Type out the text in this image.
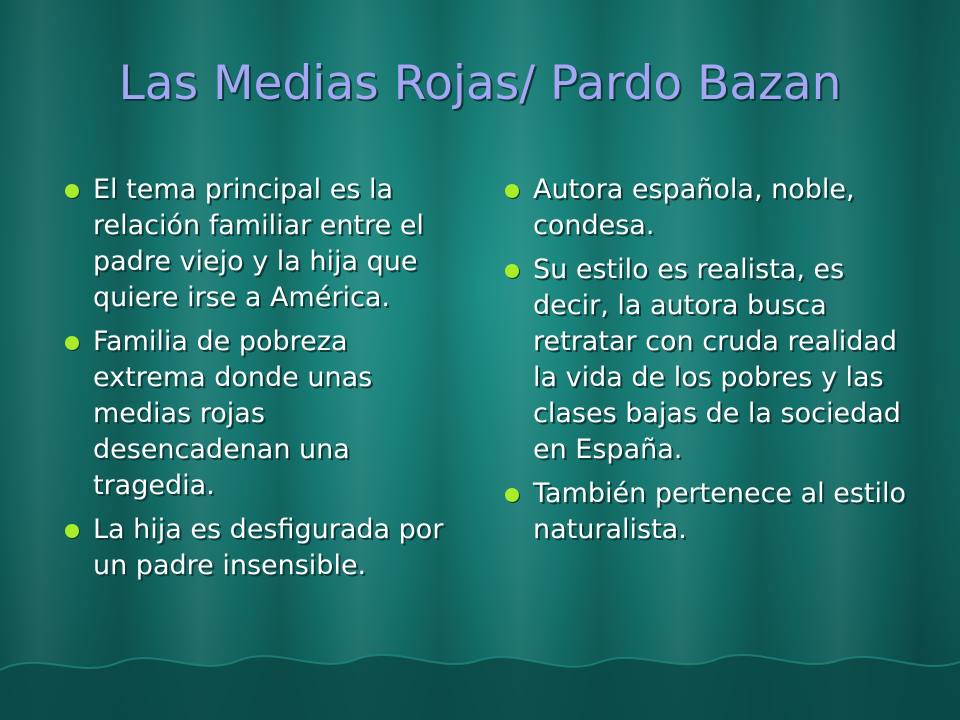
Las Medias Rojas/ Pardo Bazan
El tema principal es la relación familiar entre el padre viejo y la hija que quiere irse a América.
Familia de pobreza extrema donde unas medias rojas desencadenan una tragedia.
La hija es desfigurada por un padre insensible.
Autora española, noble, condesa.
Su estilo es realista, es decir, la autora busca retratar con cruda realidad la vida de los pobres y las clases bajas de la sociedad en España.
También pertenece al estilo naturalista.
